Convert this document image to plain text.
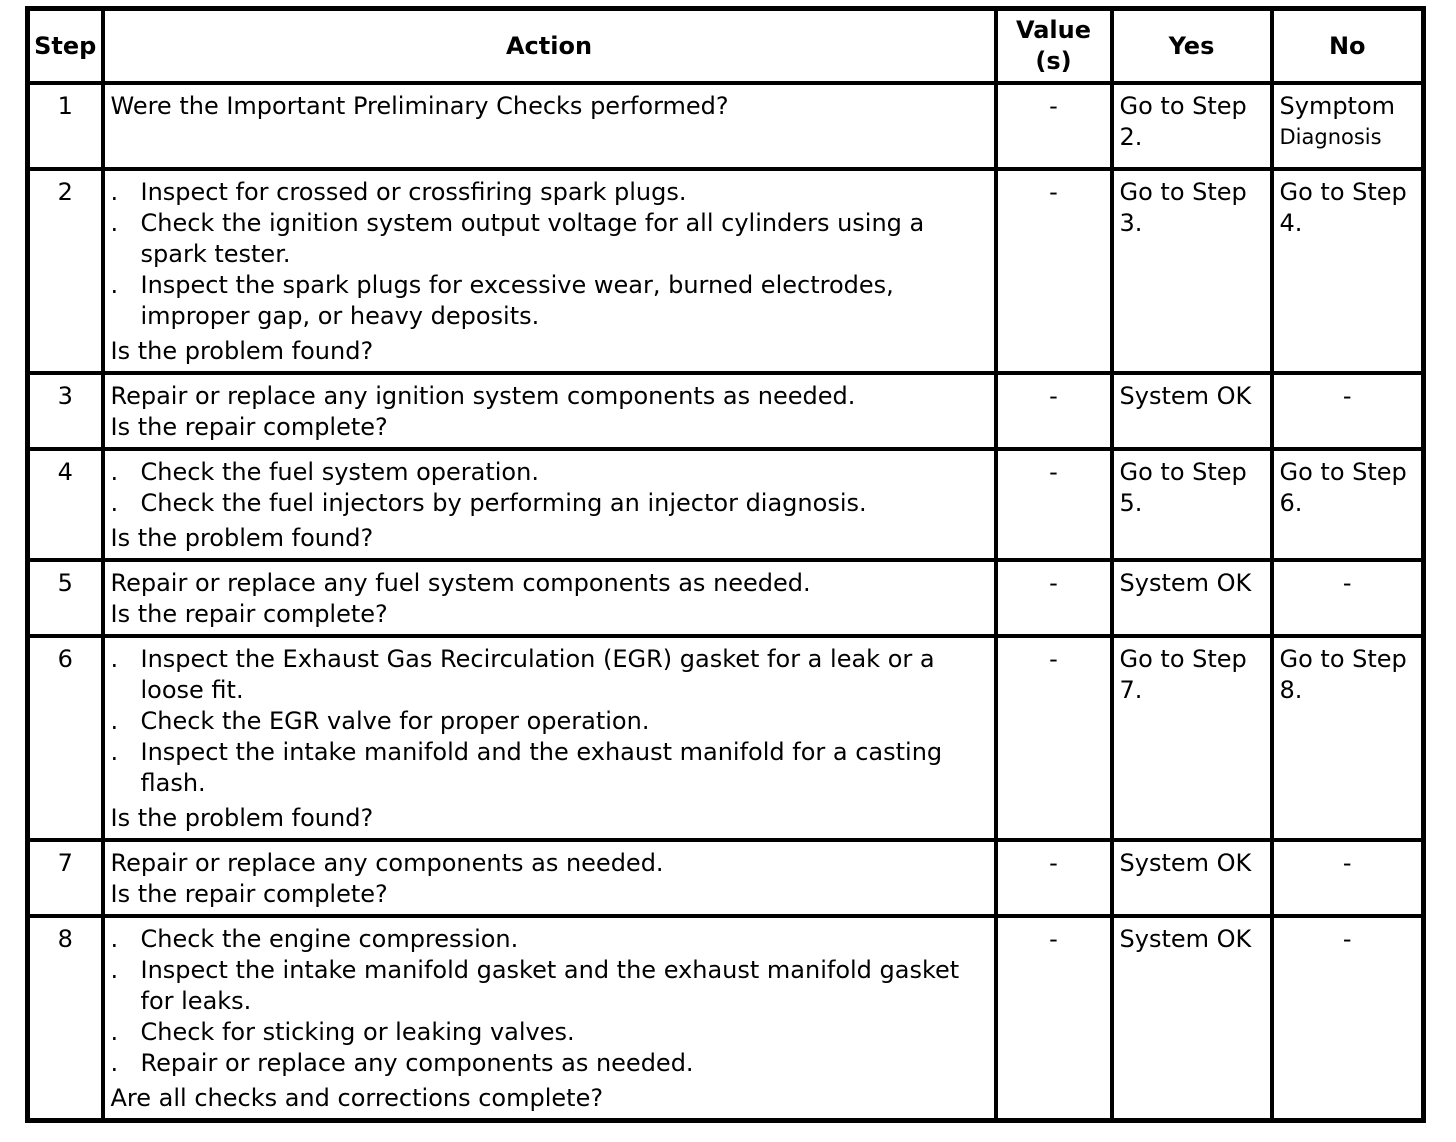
Step	Action	Value (s)	Yes	No
1	Were the Important Preliminary Checks performed?	-	Go to Step 2.	Symptom
Diagnosis

2	. Inspect for crossed or crossfiring spark plugs.
. Check the ignition system output voltage for all cylinders using a spark tester.
. Inspect the spark plugs for excessive wear, burned electrodes, improper gap, or heavy deposits.
Is the problem found?	-	Go to Step 3.	Go to Step 4.
3	Repair or replace any ignition system components as needed.
Is the repair complete?	-	System OK	-
4	. Check the fuel system operation.
. Check the fuel injectors by performing an injector diagnosis.
Is the problem found?	-	Go to Step 5.	Go to Step 6.
5	Repair or replace any fuel system components as needed.
Is the repair complete?	-	System OK	-
6	. Inspect the Exhaust Gas Recirculation (EGR) gasket for a leak or a loose fit.
. Check the EGR valve for proper operation.
. Inspect the intake manifold and the exhaust manifold for a casting flash.
Is the problem found?	-	Go to Step 7.	Go to Step 8.
7	Repair or replace any components as needed.
Is the repair complete?	-	System OK	-
8	. Check the engine compression.
. Inspect the intake manifold gasket and the exhaust manifold gasket for leaks.
. Check for sticking or leaking valves.
. Repair or replace any components as needed.
Are all checks and corrections complete?	-	System OK	-
